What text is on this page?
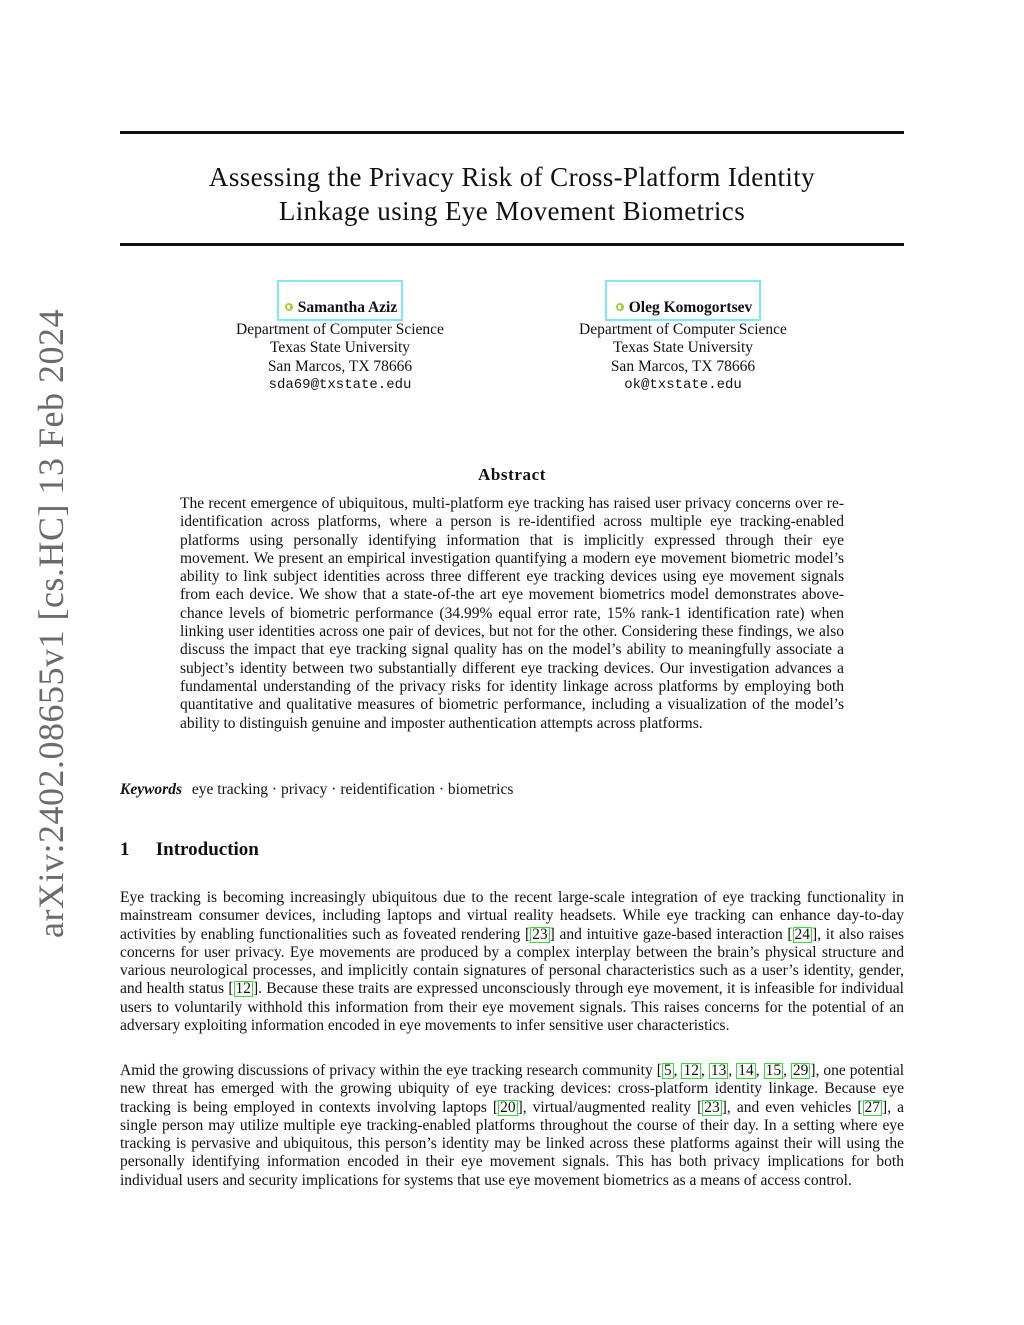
arXiv:2402.08655v1 [cs.HC] 13 Feb 2024
Assessing the Privacy Risk of Cross-Platform Identity
Linkage using Eye Movement Biometrics
Samantha Aziz
Department of Computer Science
Texas State University
San Marcos, TX 78666
sda69@txstate.edu
Oleg Komogortsev
Department of Computer Science
Texas State University
San Marcos, TX 78666
ok@txstate.edu
Abstract

The recent emergence of ubiquitous, multi-platform eye tracking has raised user privacy concerns over re-identification across platforms, where a person is re-identified across multiple eye tracking-enabled platforms using personally identifying information that is implicitly expressed through their eye movement. We present an empirical investigation quantifying a modern eye movement biometric model’s ability to link subject identities across three different eye tracking devices using eye movement signals from each device. We show that a state-of-the art eye movement biometrics model demonstrates above-chance levels of biometric performance (34.99% equal error rate, 15% rank-1 identification rate) when linking user identities across one pair of devices, but not for the other. Considering these findings, we also discuss the impact that eye tracking signal quality has on the model’s ability to meaningfully associate a subject’s identity between two substantially different eye tracking devices. Our investigation advances a fundamental understanding of the privacy risks for identity linkage across platforms by employing both quantitative and qualitative measures of biometric performance, including a visualization of the model’s ability to distinguish genuine and imposter authentication attempts across platforms.

Keywords eye tracking · privacy · reidentification · biometrics
1 Introduction

Eye tracking is becoming increasingly ubiquitous due to the recent large-scale integration of eye tracking functionality in mainstream consumer devices, including laptops and virtual reality headsets. While eye tracking can enhance day-to-day activities by enabling functionalities such as foveated rendering [ 23 ] and intuitive gaze-based interaction [ 24 ], it also raises concerns for user privacy. Eye movements are produced by a complex interplay between the brain’s physical structure and various neurological processes, and implicitly contain signatures of personal characteristics such as a user’s identity, gender, and health status [ 12 ]. Because these traits are expressed unconsciously through eye movement, it is infeasible for individual users to voluntarily withhold this information from their eye movement signals. This raises concerns for the potential of an adversary exploiting information encoded in eye movements to infer sensitive user characteristics.

Amid the growing discussions of privacy within the eye tracking research community [ 5 , 12 , 13 , 14 , 15 , 29 ], one potential new threat has emerged with the growing ubiquity of eye tracking devices: cross-platform identity linkage. Because eye tracking is being employed in contexts involving laptops [ 20 ], virtual/augmented reality [ 23 ], and even vehicles [ 27 ], a single person may utilize multiple eye tracking-enabled platforms throughout the course of their day. In a setting where eye tracking is pervasive and ubiquitous, this person’s identity may be linked across these platforms against their will using the personally identifying information encoded in their eye movement signals. This has both privacy implications for both individual users and security implications for systems that use eye movement biometrics as a means of access control.
